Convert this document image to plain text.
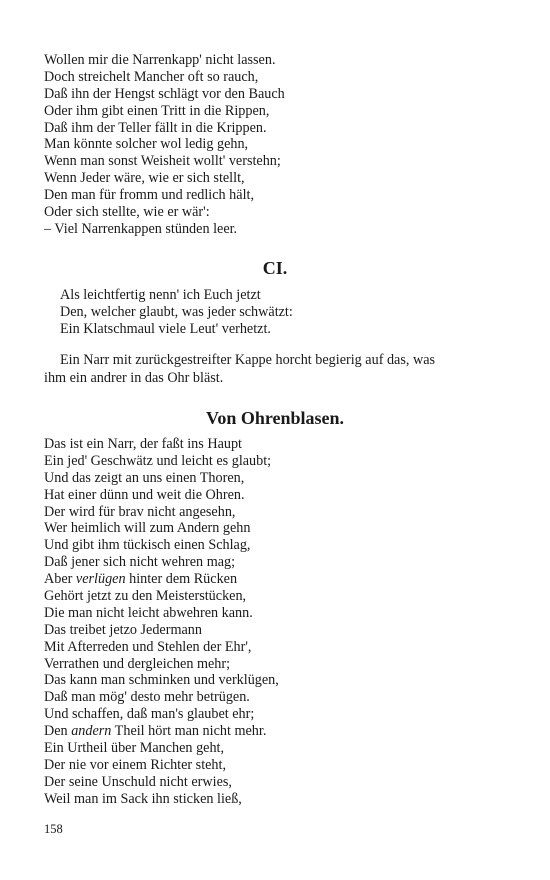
Wollen mir die Narrenkapp' nicht lassen.
Doch streichelt Mancher oft so rauch,
Daß ihn der Hengst schlägt vor den Bauch
Oder ihm gibt einen Tritt in die Rippen,
Daß ihm der Teller fällt in die Krippen.
Man könnte solcher wol ledig gehn,
Wenn man sonst Weisheit wollt' verstehn;
Wenn Jeder wäre, wie er sich stellt,
Den man für fromm und redlich hält,
Oder sich stellte, wie er wär':
– Viel Narrenkappen stünden leer.
CI.
Als leichtfertig nenn' ich Euch jetzt
Den, welcher glaubt, was jeder schwätzt:
Ein Klatschmaul viele Leut' verhetzt.
Ein Narr mit zurückgestreifter Kappe horcht begierig auf das, was
ihm ein andrer in das Ohr bläst.
Von Ohrenblasen.
Das ist ein Narr, der faßt ins Haupt
Ein jed' Geschwätz und leicht es glaubt;
Und das zeigt an uns einen Thoren,
Hat einer dünn und weit die Ohren.
Der wird für brav nicht angesehn,
Wer heimlich will zum Andern gehn
Und gibt ihm tückisch einen Schlag,
Daß jener sich nicht wehren mag;
Aber verlügen hinter dem Rücken
Gehört jetzt zu den Meisterstücken,
Die man nicht leicht abwehren kann.
Das treibet jetzo Jedermann
Mit Afterreden und Stehlen der Ehr',
Verrathen und dergleichen mehr;
Das kann man schminken und verklügen,
Daß man mög' desto mehr betrügen.
Und schaffen, daß man's glaubet ehr;
Den andern Theil hört man nicht mehr.
Ein Urtheil über Manchen geht,
Der nie vor einem Richter steht,
Der seine Unschuld nicht erwies,
Weil man im Sack ihn sticken ließ,
158
